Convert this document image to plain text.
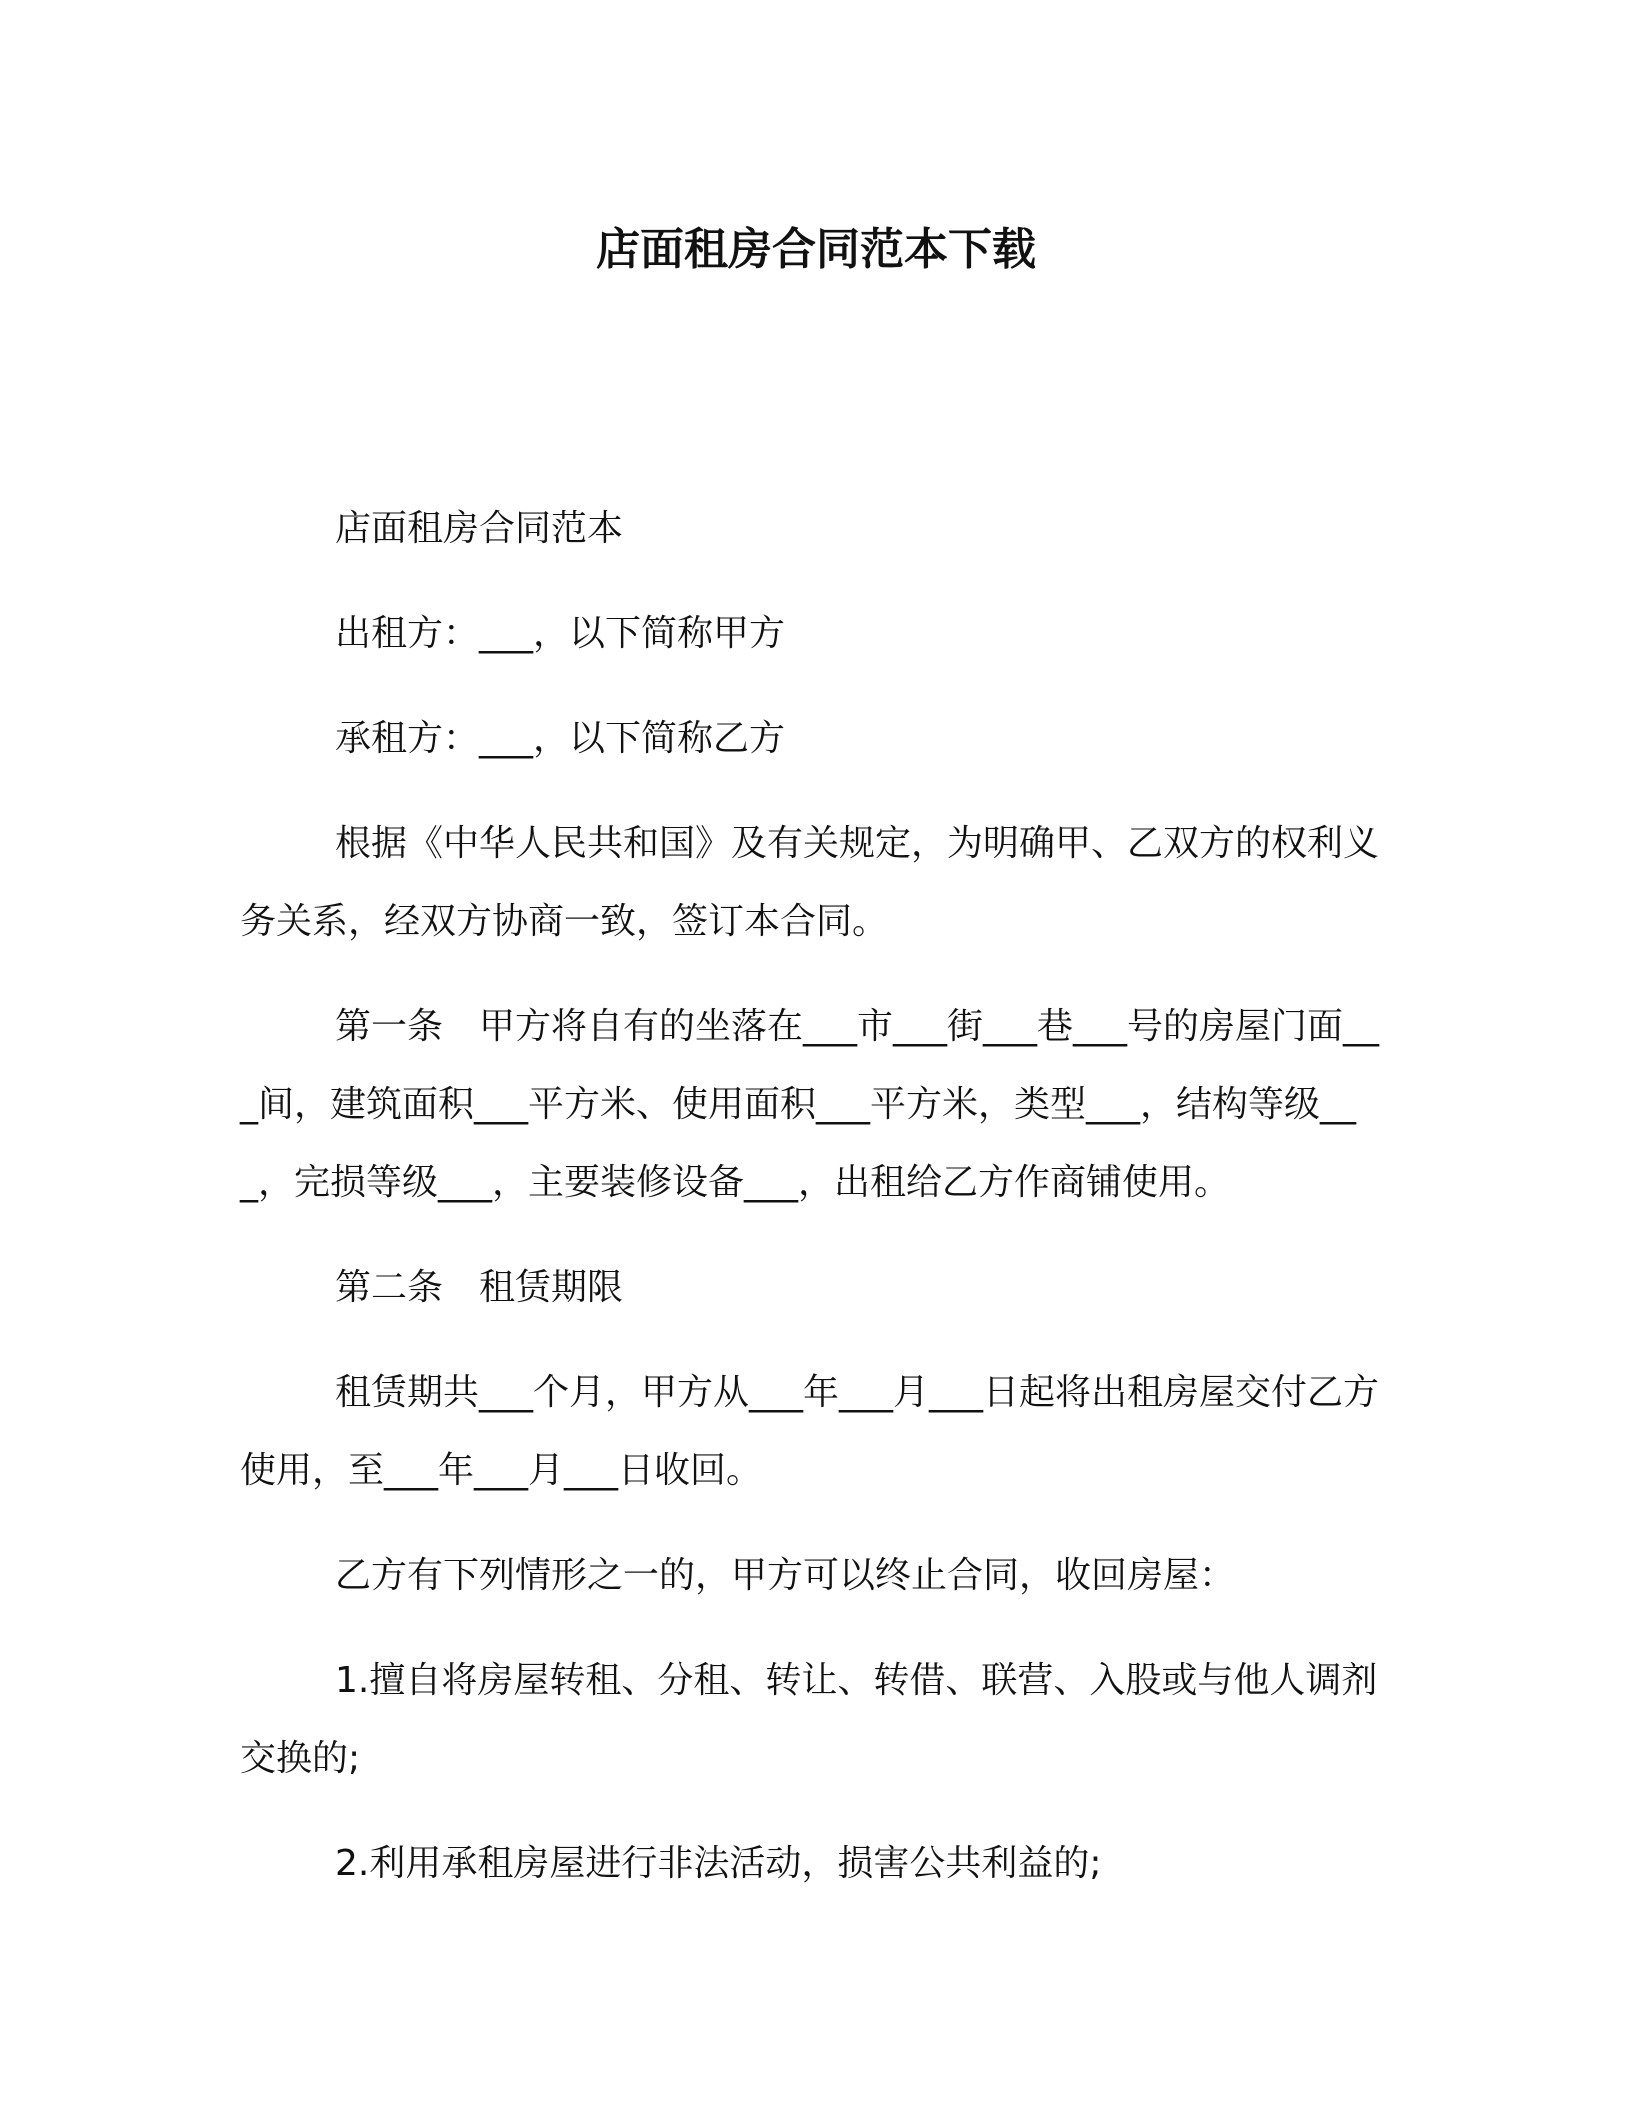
店面租房合同范本下载

店面租房合同范本

出租方：___，以下简称甲方

承租方：___，以下简称乙方

根据《中华人民共和国》及有关规定，为明确甲、乙双方的权利义务关系，经双方协商一致，签订本合同。

第一条　甲方将自有的坐落在___市___街___巷___号的房屋门面___间，建筑面积___平方米、使用面积___平方米，类型___，结构等级___，完损等级___，主要装修设备___，出租给乙方作商铺使用。

第二条　租赁期限

租赁期共___个月，甲方从___年___月___日起将出租房屋交付乙方使用，至___年___月___日收回。

乙方有下列情形之一的，甲方可以终止合同，收回房屋：

1.擅自将房屋转租、分租、转让、转借、联营、入股或与他人调剂交换的;

2.利用承租房屋进行非法活动，损害公共利益的;
